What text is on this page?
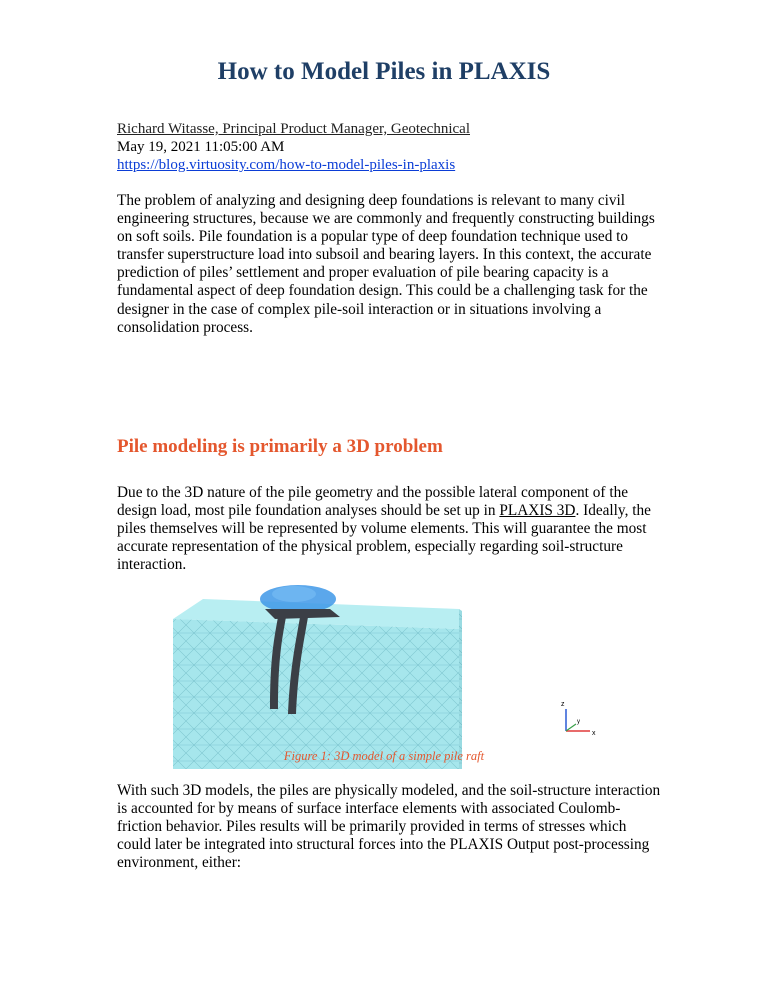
How to Model Piles in PLAXIS
Richard Witasse, Principal Product Manager, Geotechnical
May 19, 2021 11:05:00 AM
https://blog.virtuosity.com/how-to-model-piles-in-plaxis

The problem of analyzing and designing deep foundations is relevant to many civil engineering structures, because we are commonly and frequently constructing buildings on soft soils. Pile foundation is a popular type of deep foundation technique used to transfer superstructure load into subsoil and bearing layers. In this context, the accurate prediction of piles’ settlement and proper evaluation of pile bearing capacity is a fundamental aspect of deep foundation design. This could be a challenging task for the designer in the case of complex pile-soil interaction or in situations involving a consolidation process.

Pile modeling is primarily a 3D problem

Due to the 3D nature of the pile geometry and the possible lateral component of the design load, most pile foundation analyses should be set up in PLAXIS 3D. Ideally, the piles themselves will be represented by volume elements. This will guarantee the most accurate representation of the physical problem, especially regarding soil-structure interaction.

z
y
x
Figure 1: 3D model of a simple pile raft

With such 3D models, the piles are physically modeled, and the soil-structure interaction is accounted for by means of surface interface elements with associated Coulomb-friction behavior. Piles results will be primarily provided in terms of stresses which could later be integrated into structural forces into the PLAXIS Output post-processing environment, either:
